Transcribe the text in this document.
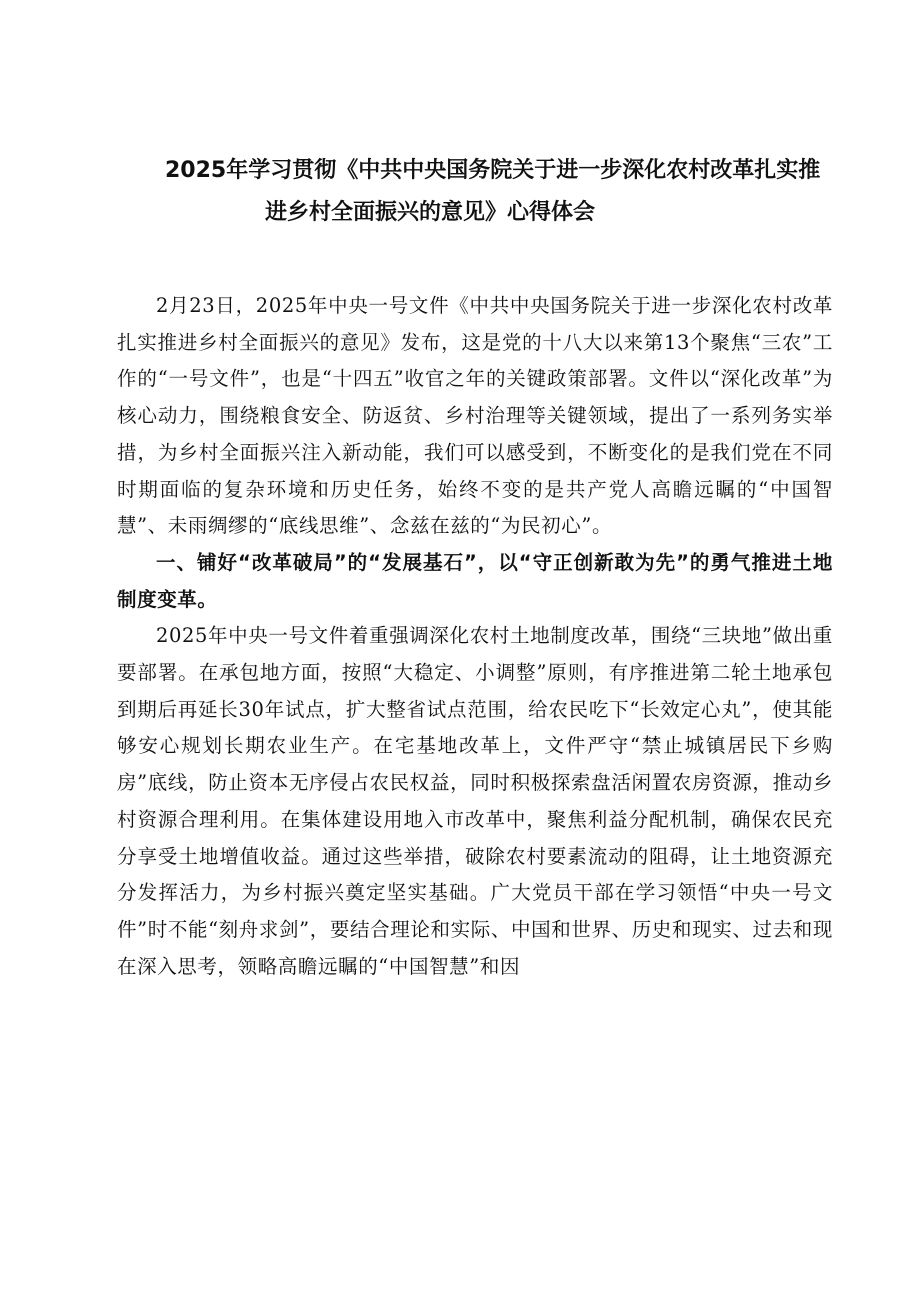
2025年学习贯彻《中共中央国务院关于进一步深化农村改革扎实推
进乡村全面振兴的意见》心得体会

2月23日，2025年中央一号文件《中共中央国务院关于进一步深化农村改革扎实推进乡村全面振兴的意见》发布，这是党的十八大以来第13个聚焦“三农”工作的“一号文件”，也是“十四五”收官之年的关键政策部署。文件以“深化改革”为核心动力，围绕粮食安全、防返贫、乡村治理等关键领域，提出了一系列务实举措，为乡村全面振兴注入新动能，我们可以感受到，不断变化的是我们党在不同时期面临的复杂环境和历史任务，始终不变的是共产党人高瞻远瞩的“中国智慧”、未雨绸缪的“底线思维”、念兹在兹的“为民初心”。

一、铺好“改革破局”的“发展基石”，以“守正创新敢为先”的勇气推进土地制度变革。

2025年中央一号文件着重强调深化农村土地制度改革，围绕“三块地”做出重要部署。在承包地方面，按照“大稳定、小调整”原则，有序推进第二轮土地承包到期后再延长30年试点，扩大整省试点范围，给农民吃下“长效定心丸”，使其能够安心规划长期农业生产。在宅基地改革上，文件严守“禁止城镇居民下乡购房”底线，防止资本无序侵占农民权益，同时积极探索盘活闲置农房资源，推动乡村资源合理利用。在集体建设用地入市改革中，聚焦利益分配机制，确保农民充分享受土地增值收益。通过这些举措，破除农村要素流动的阻碍，让土地资源充分发挥活力，为乡村振兴奠定坚实基础。广大党员干部在学习领悟“中央一号文件”时不能“刻舟求剑”，要结合理论和实际、中国和世界、历史和现实、过去和现在深入思考，领略高瞻远瞩的“中国智慧”和因
